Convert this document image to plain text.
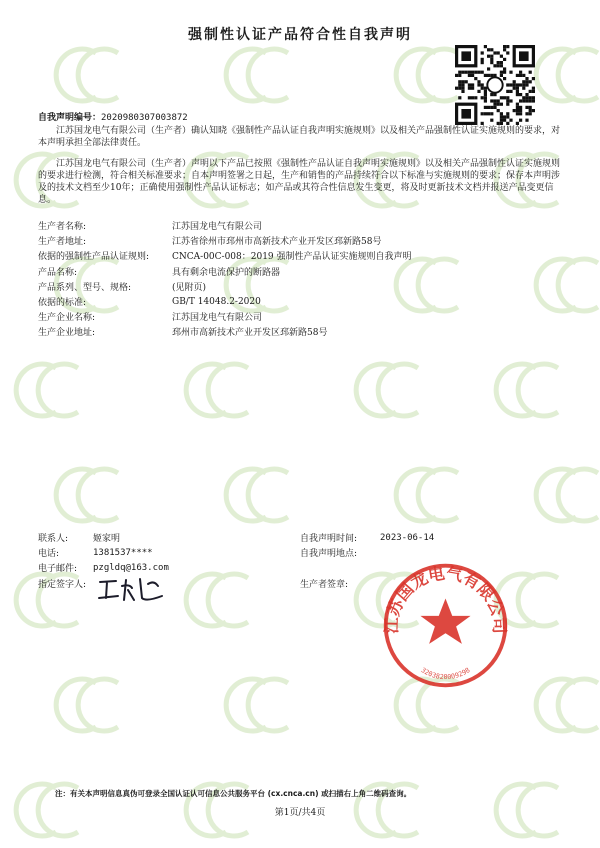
强制性认证产品符合性自我声明
自我声明编号：2020980307003872

江苏国龙电气有限公司（生产者）确认知晓《强制性产品认证自我声明实施规则》以及相关产品强制性认证实施规则的要求，对本声明承担全部法律责任。

江苏国龙电气有限公司（生产者）声明以下产品已按照《强制性产品认证自我声明实施规则》以及相关产品强制性认证实施规则的要求进行检测，符合相关标准要求；自本声明签署之日起，生产和销售的产品持续符合以下标准与实施规则的要求；保存本声明涉及的技术文档至少10年；正确使用强制性产品认证标志；如产品或其符合性信息发生变更，将及时更新技术文档并报送产品变更信息。

生产者名称:	江苏国龙电气有限公司
生产者地址:	江苏省徐州市邳州市高新技术产业开发区邳新路58号
依据的强制性产品认证规则:	CNCA-00C-008：2019 强制性产品认证实施规则自我声明
产品名称:	具有剩余电流保护的断路器
产品系列、型号、规格:	(见附页)
依据的标准:	GB/T 14048.2-2020
生产企业名称:	江苏国龙电气有限公司
生产企业地址:	邳州市高新技术产业开发区邳新路58号
联系人:	姬家明
电话:	1381537****
电子邮件:	pzgldq@163.com
指定签字人:
自我声明时间:	2023-06-14
自我声明地点:
生产者签章:
江苏国龙电气有限公司
3203820009298
注：有关本声明信息真伪可登录全国认证认可信息公共服务平台 (cx.cnca.cn) 或扫描右上角二维码查询。
第1页/共4页
